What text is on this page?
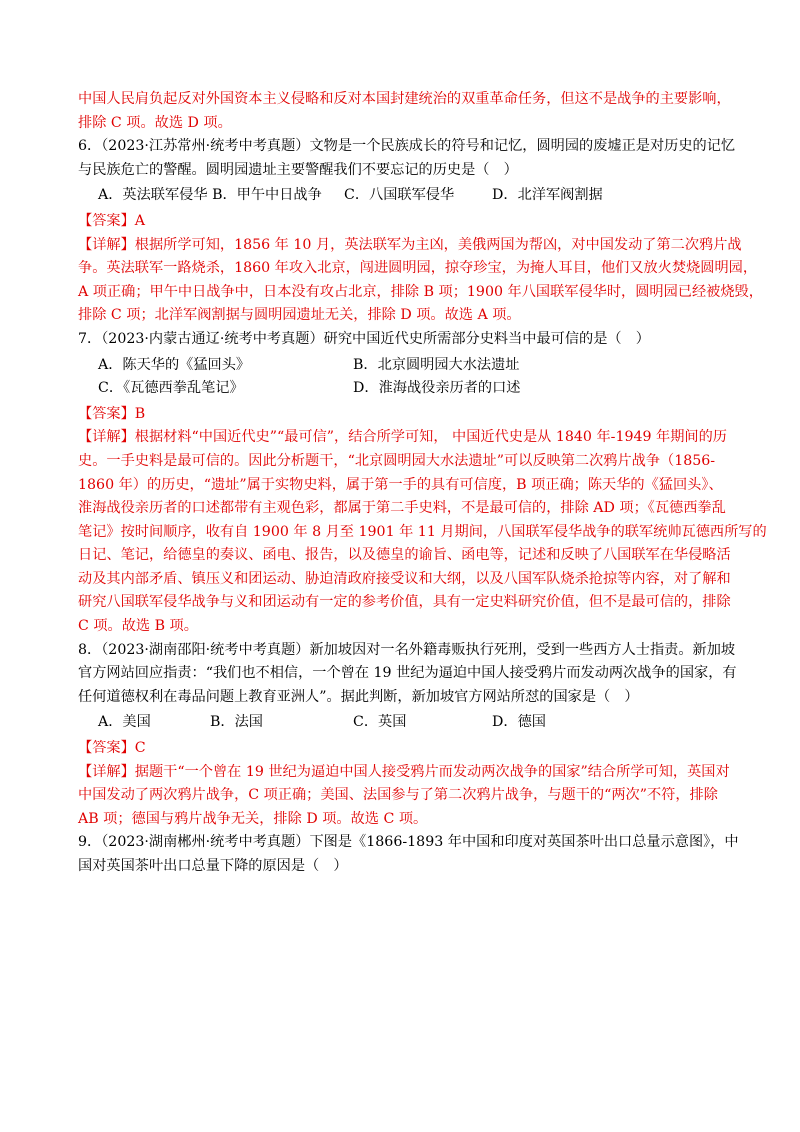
中国人民肩负起反对外国资本主义侵略和反对本国封建统治的双重革命任务，但这不是战争的主要影响，
排除 C 项。故选 D 项。
6．（2023·江苏常州·统考中考真题）文物是一个民族成长的符号和记忆，圆明园的废墟正是对历史的记忆
与民族危亡的警醒。圆明园遗址主要警醒我们不要忘记的历史是（　）
A．英法联军侵华 B．甲午中日战争 C．八国联军侵华	D．北洋军阀割据
【答案】A
【详解】根据所学可知，1856 年 10 月，英法联军为主凶，美俄两国为帮凶，对中国发动了第二次鸦片战
争。英法联军一路烧杀，1860 年攻入北京，闯进圆明园，掠夺珍宝，为掩人耳目，他们又放火焚烧圆明园，
A 项正确；甲午中日战争中，日本没有攻占北京，排除 B 项；1900 年八国联军侵华时，圆明园已经被烧毁，
排除 C 项；北洋军阀割据与圆明园遗址无关，排除 D 项。故选 A 项。
7．（2023·内蒙古通辽·统考中考真题）研究中国近代史所需部分史料当中最可信的是（　）
A．陈天华的《猛回头》	B．北京圆明园大水法遗址
C．《瓦德西拳乱笔记》	D．淮海战役亲历者的口述
【答案】B
【详解】根据材料“中国近代史”“最可信”，结合所学可知， 中国近代史是从 1840 年-1949 年期间的历
史。一手史料是最可信的。因此分析题干，“北京圆明园大水法遗址”可以反映第二次鸦片战争（1856-
1860 年）的历史，“遗址”属于实物史料，属于第一手的具有可信度，B 项正确；陈天华的《猛回头》、
淮海战役亲历者的口述都带有主观色彩，都属于第二手史料，不是最可信的，排除 AD 项；《瓦德西拳乱
笔记》按时间顺序，收有自 1900 年 8 月至 1901 年 11 月期间，八国联军侵华战争的联军统帅瓦德西所写的
日记、笔记，给德皇的奏议、函电、报告，以及德皇的谕旨、函电等，记述和反映了八国联军在华侵略活
动及其内部矛盾、镇压义和团运动、胁迫清政府接受议和大纲，以及八国军队烧杀抢掠等内容，对了解和
研究八国联军侵华战争与义和团运动有一定的参考价值，具有一定史料研究价值，但不是最可信的，排除
C 项。故选 B 项。
8．（2023·湖南邵阳·统考中考真题）新加坡因对一名外籍毒贩执行死刑，受到一些西方人士指责。新加坡
官方网站回应指责：“我们也不相信，一个曾在 19 世纪为逼迫中国人接受鸦片而发动两次战争的国家，有
任何道德权利在毒品问题上教育亚洲人”。据此判断，新加坡官方网站所怼的国家是（　）
A．美国	B．法国	C．英国	D．德国
【答案】C
【详解】据题干“一个曾在 19 世纪为逼迫中国人接受鸦片而发动两次战争的国家”结合所学可知，英国对
中国发动了两次鸦片战争，C 项正确；美国、法国参与了第二次鸦片战争，与题干的“两次”不符，排除
AB 项；德国与鸦片战争无关，排除 D 项。故选 C 项。
9．（2023·湖南郴州·统考中考真题）下图是《1866-1893 年中国和印度对英国茶叶出口总量示意图》，中
国对英国茶叶出口总量下降的原因是（　）
